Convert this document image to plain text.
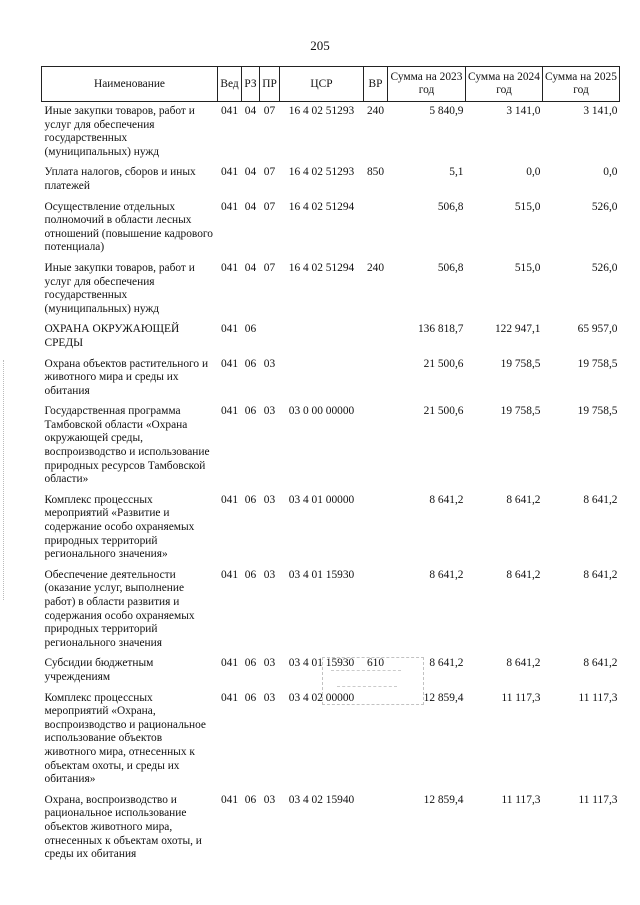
205
Наименование	Вед	РЗ	ПР	ЦСР	ВР	Сумма на 2023 год	Сумма на 2024 год	Сумма на 2025 год
Иные закупки товаров, работ и услуг для обеспечения государственных (муниципальных) нужд	041	04	07	16 4 02 51293	240	5 840,9	3 141,0	3 141,0
Уплата налогов, сборов и иных платежей	041	04	07	16 4 02 51293	850	5,1	0,0	0,0
Осуществление отдельных полномочий в области лесных отношений (повышение кадрового потенциала)	041	04	07	16 4 02 51294		506,8	515,0	526,0
Иные закупки товаров, работ и услуг для обеспечения государственных (муниципальных) нужд	041	04	07	16 4 02 51294	240	506,8	515,0	526,0
ОХРАНА ОКРУЖАЮЩЕЙ СРЕДЫ	041	06				136 818,7	122 947,1	65 957,0
Охрана объектов растительного и животного мира и среды их обитания	041	06	03			21 500,6	19 758,5	19 758,5
Государственная программа Тамбовской области «Охрана окружающей среды, воспроизводство и использование природных ресурсов Тамбовской области»	041	06	03	03 0 00 00000		21 500,6	19 758,5	19 758,5
Комплекс процессных мероприятий «Развитие и содержание особо охраняемых природных территорий регионального значения»	041	06	03	03 4 01 00000		8 641,2	8 641,2	8 641,2
Обеспечение деятельности (оказание услуг, выполнение работ) в области развития и содержания особо охраняемых природных территорий регионального значения	041	06	03	03 4 01 15930		8 641,2	8 641,2	8 641,2
Субсидии бюджетным учреждениям	041	06	03	03 4 01 15930	610	8 641,2	8 641,2	8 641,2
Комплекс процессных мероприятий «Охрана, воспроизводство и рациональное использование объектов животного мира, отнесенных к объектам охоты, и среды их обитания»	041	06	03	03 4 02 00000		12 859,4	11 117,3	11 117,3
Охрана, воспроизводство и рациональное использование объектов животного мира, отнесенных к объектам охоты, и среды их обитания	041	06	03	03 4 02 15940		12 859,4	11 117,3	11 117,3
